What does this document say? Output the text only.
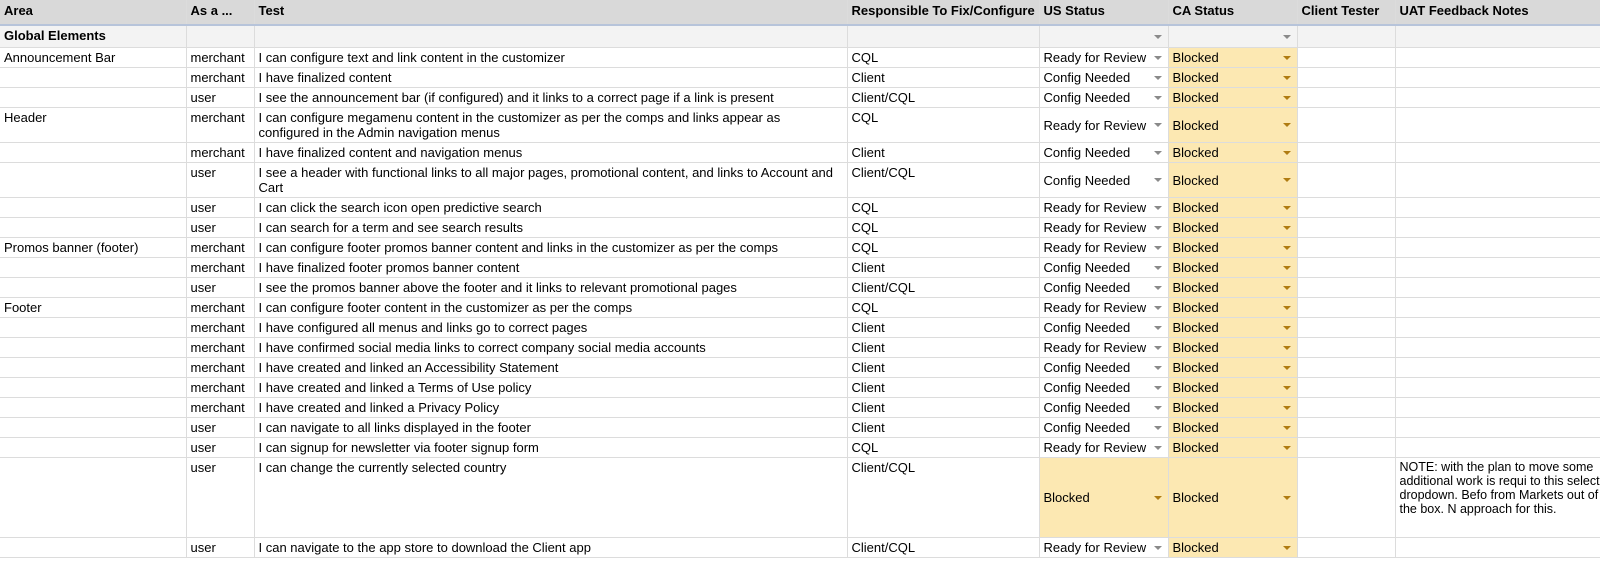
Area	As a ...	Test	Responsible To Fix/Configure	US Status	CA Status	Client Tester	UAT Feedback Notes
Global Elements				

Announcement Bar	merchant	I can configure text and link content in the customizer	CQL	Ready for Review	Blocked

	merchant	I have finalized content	Client	Config Needed	Blocked

	user	I see the announcement bar (if configured) and it links to a correct page if a link is present	Client/CQL	Config Needed	Blocked

Header	merchant	I can configure megamenu content in the customizer as per the comps and links appear as configured in the Admin navigation menus	CQL	Ready for Review	Blocked

	merchant	I have finalized content and navigation menus	Client	Config Needed	Blocked

	user	I see a header with functional links to all major pages, promotional content, and links to Account and Cart	Client/CQL	Config Needed	Blocked

	user	I can click the search icon open predictive search	CQL	Ready for Review	Blocked

	user	I can search for a term and see search results	CQL	Ready for Review	Blocked

Promos banner (footer)	merchant	I can configure footer promos banner content and links in the customizer as per the comps	CQL	Ready for Review	Blocked

	merchant	I have finalized footer promos banner content	Client	Config Needed	Blocked

	user	I see the promos banner above the footer and it links to relevant promotional pages	Client/CQL	Config Needed	Blocked

Footer	merchant	I can configure footer content in the customizer as per the comps	CQL	Ready for Review	Blocked

	merchant	I have configured all menus and links go to correct pages	Client	Config Needed	Blocked

	merchant	I have confirmed social media links to correct company social media accounts	Client	Ready for Review	Blocked

	merchant	I have created and linked an Accessibility Statement	Client	Config Needed	Blocked

	merchant	I have created and linked a Terms of Use policy	Client	Config Needed	Blocked

	merchant	I have created and linked a Privacy Policy	Client	Config Needed	Blocked

	user	I can navigate to all links displayed in the footer	Client	Config Needed	Blocked

	user	I can signup for newsletter via footer signup form	CQL	Ready for Review	Blocked

	user	I can change the currently selected country	Client/CQL	Blocked	Blocked		NOTE: with the plan to move some additional work is requi to this select dropdown. Befo from Markets out of the box. N approach for this.
	user	I can navigate to the app store to download the Client app	Client/CQL	Ready for Review	Blocked
